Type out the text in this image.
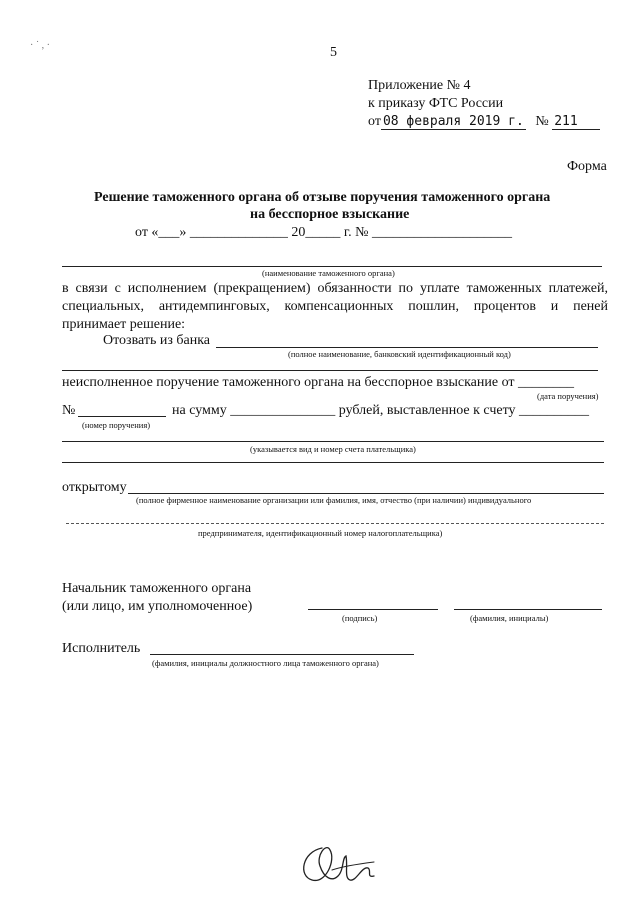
· ˙ , ·	5
Приложение № 4
к приказу ФТС России
от 08 февраля 2019 г. № 211
Форма
Решение таможенного органа об отзыве поручения таможенного органа
на бесспорное взыскание
от «___» ______________ 20_____ г. № ____________________
(наименование таможенного органа)
в связи с исполнением (прекращением) обязанности по уплате таможенных платежей,
специальных, антидемпинговых, компенсационных пошлин, процентов и пеней
принимает решение:
Отозвать из банка
(полное наименование, банковский идентификационный код)
неисполненное поручение таможенного органа на бесспорное взыскание от ________
(дата поручения)
№	на сумму _______________ рублей, выставленное к счету __________
(номер поручения)
(указывается вид и номер счета плательщика)
открытому
(полное фирменное наименование организации или фамилия, имя, отчество (при наличии) индивидуального
предпринимателя, идентификационный номер налогоплательщика)
Начальник таможенного органа
(или лицо, им уполномоченное)
(подпись)	(фамилия, инициалы)
Исполнитель
(фамилия, инициалы должностного лица таможенного органа)
